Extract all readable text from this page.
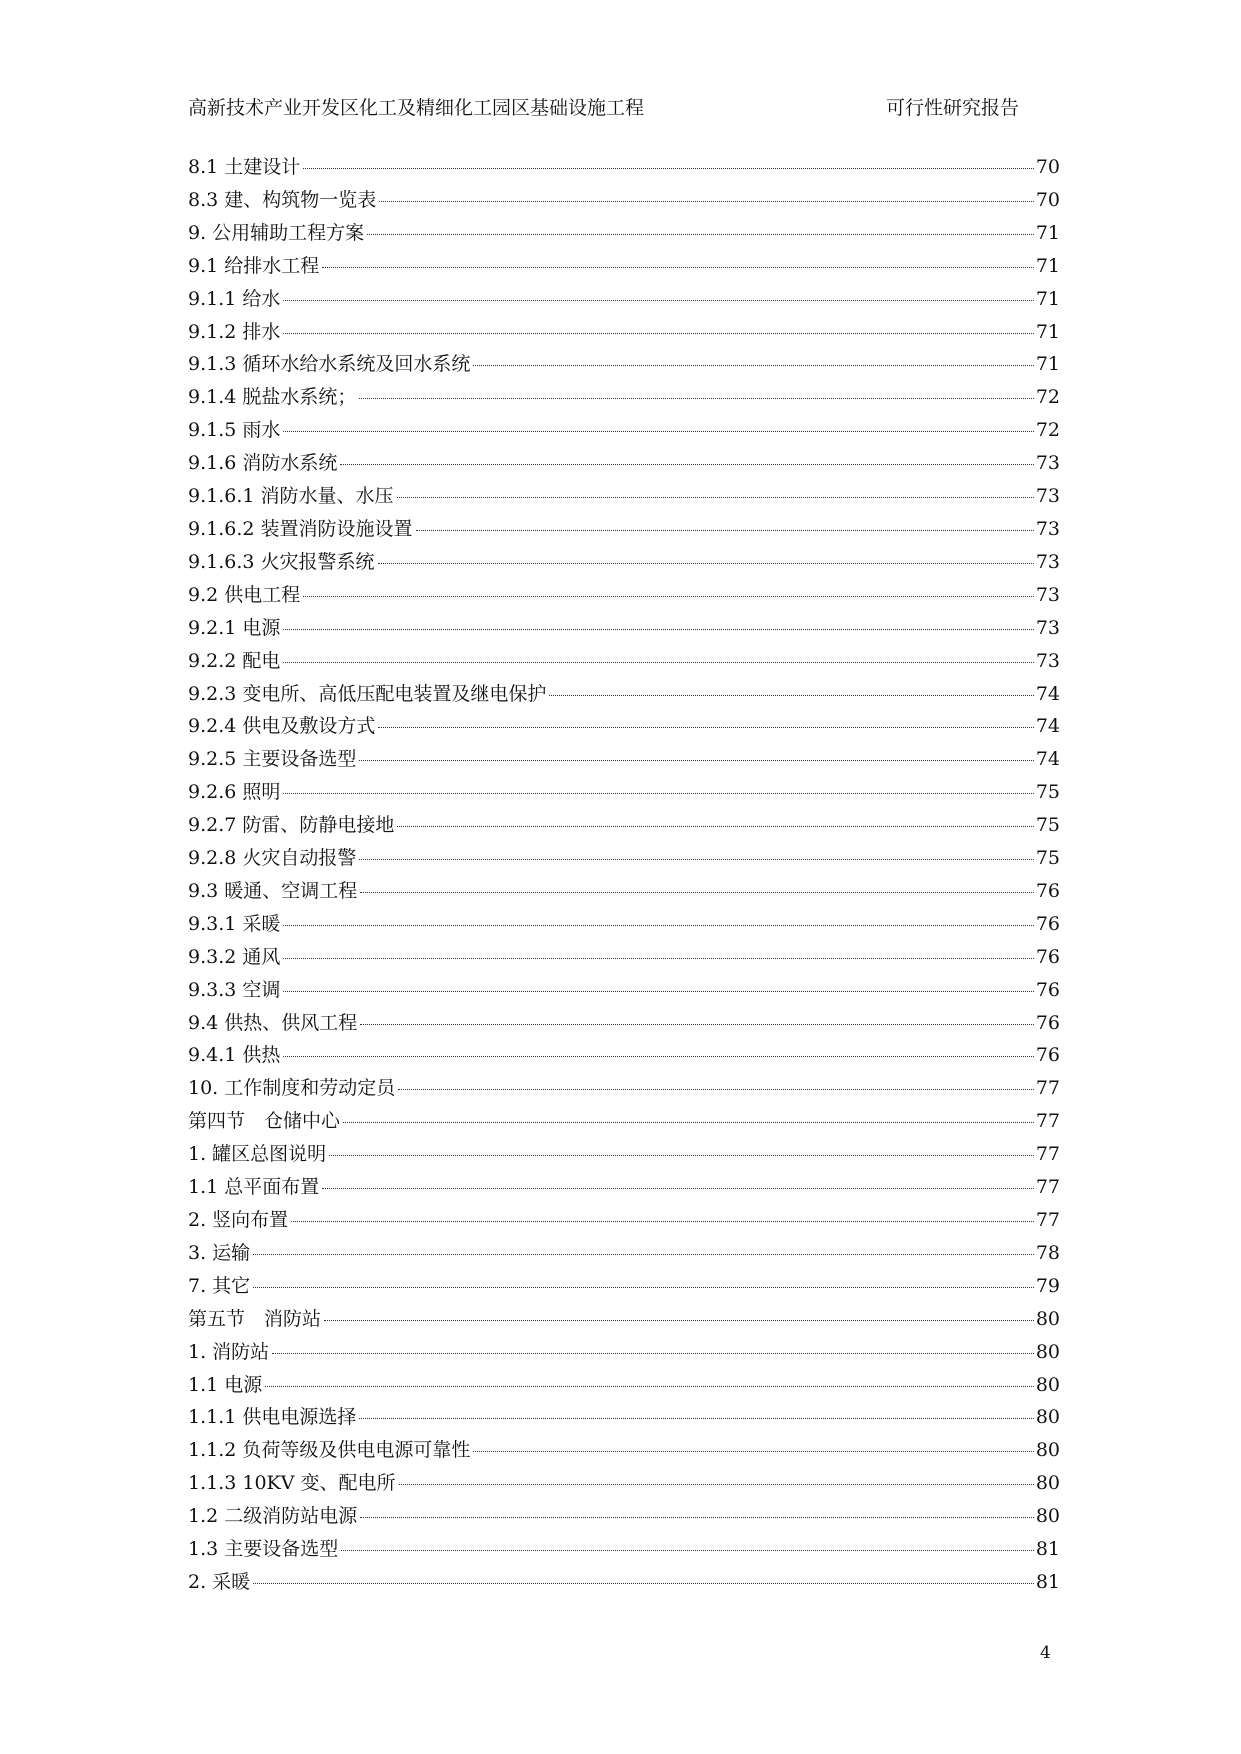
高新技术产业开发区化工及精细化工园区基础设施工程	可行性研究报告
8.1 土建设计	70
8.3 建、构筑物一览表	70
9. 公用辅助工程方案	71
9.1 给排水工程	71
9.1.1 给水	71
9.1.2 排水	71
9.1.3 循环水给水系统及回水系统	71
9.1.4 脱盐水系统；	72
9.1.5 雨水	72
9.1.6 消防水系统	73
9.1.6.1 消防水量、水压	73
9.1.6.2 装置消防设施设置	73
9.1.6.3 火灾报警系统	73
9.2 供电工程	73
9.2.1 电源	73
9.2.2 配电	73
9.2.3 变电所、高低压配电装置及继电保护	74
9.2.4 供电及敷设方式	74
9.2.5 主要设备选型	74
9.2.6 照明	75
9.2.7 防雷、防静电接地	75
9.2.8 火灾自动报警	75
9.3 暖通、空调工程	76
9.3.1 采暖	76
9.3.2 通风	76
9.3.3 空调	76
9.4 供热、供风工程	76
9.4.1 供热	76
10. 工作制度和劳动定员	77
第四节　仓储中心	77
1. 罐区总图说明	77
1.1 总平面布置	77
2. 竖向布置	77
3. 运输	78
7. 其它	79
第五节　消防站	80
1. 消防站	80
1.1 电源	80
1.1.1 供电电源选择	80
1.1.2 负荷等级及供电电源可靠性	80
1.1.3 10KV 变、配电所	80
1.2 二级消防站电源	80
1.3 主要设备选型	81
2. 采暖	81
4
